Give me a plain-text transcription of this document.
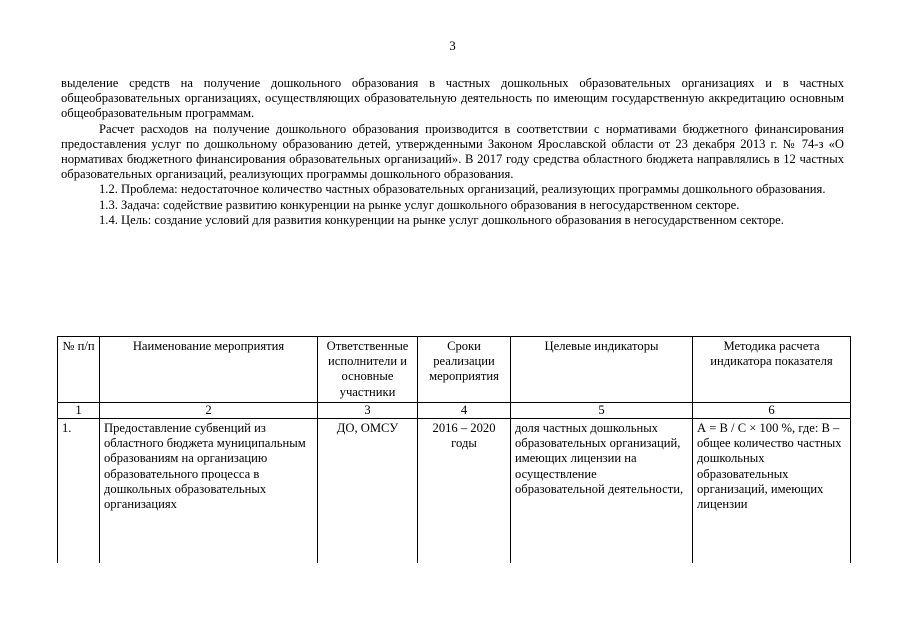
3

выделение средств на получение дошкольного образования в частных дошкольных образовательных организациях и в частных общеобразовательных организациях, осуществляющих образовательную деятельность по имеющим государственную аккредитацию основным общеобразовательным программам.

Расчет расходов на получение дошкольного образования производится в соответствии с нормативами бюджетного финансирования предоставления услуг по дошкольному образованию детей, утвержденными Законом Ярославской области от 23 декабря 2013 г. № 74-з «О нормативах бюджетного финансирования образовательных организаций». В 2017 году средства областного бюджета направлялись в 12 частных образовательных организаций, реализующих программы дошкольного образования.

1.2. Проблема: недостаточное количество частных образовательных организаций, реализующих программы дошкольного образования.

1.3. Задача: содействие развитию конкуренции на рынке услуг дошкольного образования в негосударственном секторе.

1.4. Цель: создание условий для развития конкуренции на рынке услуг дошкольного образования в негосударственном секторе.

№ п/п	Наименование мероприятия	Ответственные исполнители и основные участники	Сроки реализации мероприятия	Целевые индикаторы	Методика расчета индикатора показателя
1	2	3	4	5	6
1.	Предоставление субвенций из областного бюджета муниципальным образованиям на организацию образовательного процесса в дошкольных образовательных организациях	ДО, ОМСУ	2016 – 2020 годы	доля частных дошкольных образовательных организаций, имеющих лицензии на осуществление образовательной деятельности,	А = В / С × 100 %, где: В – общее количество частных дошкольных образовательных организаций, имеющих лицензии
